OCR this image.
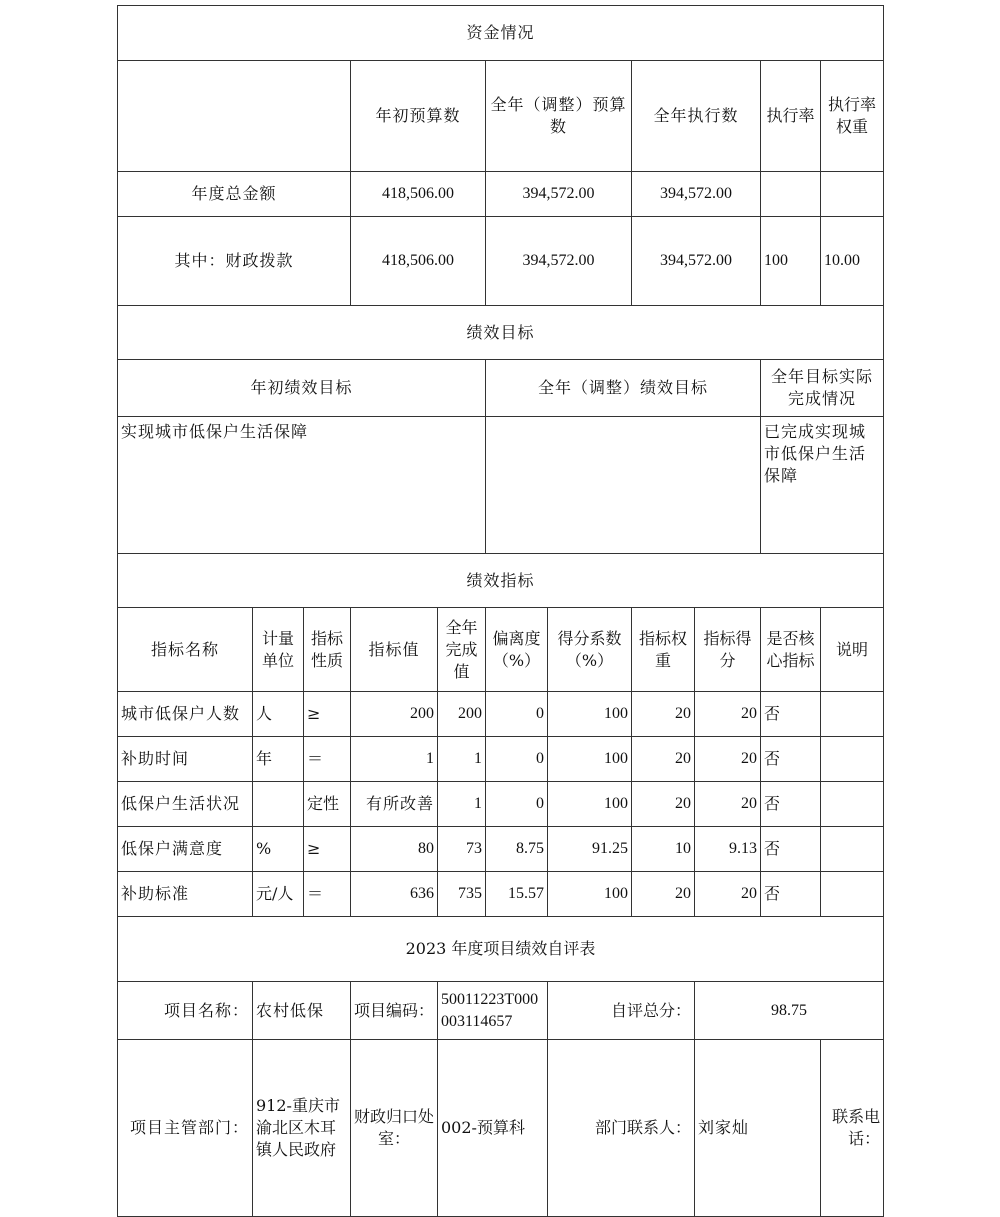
资金情况											
			年初预算数		全年（调整）预算数		全年执行数		执行率	执行率权重	
年度总金额			418,506.00		394,572.00		394,572.00				
其中：财政拨款			418,506.00		394,572.00		394,572.00		100	10.00	
绩效目标											
年初绩效目标					全年（调整）绩效目标				全年目标实际完成情况		
实现城市低保户生活保障									已完成实现城市低保户生活保障		
绩效指标											
指标名称	计量单位	指标性质	指标值	全年完成值	偏离度（%）	得分系数（%）	指标权重	指标得分	是否核心指标	说明	
城市低保户人数	人	≥	200	200	0	100	20	20	否		
补助时间	年	＝	1	1	0	100	20	20	否		
低保户生活状况		定性	有所改善	1	0	100	20	20	否		
低保户满意度	%	≥	80	73	8.75	91.25	10	9.13	否		
补助标准	元/人	＝	636	735	15.57	100	20	20	否		
2023 年度项目绩效自评表											
项目名称：	农村低保		项目编码：	50011223T000003114657		自评总分：		98.75			
项目主管部门：	912-重庆市渝北区木耳镇人民政府		财政归口处室：	002-预算科		部门联系人：		刘家灿		联系电话：	
